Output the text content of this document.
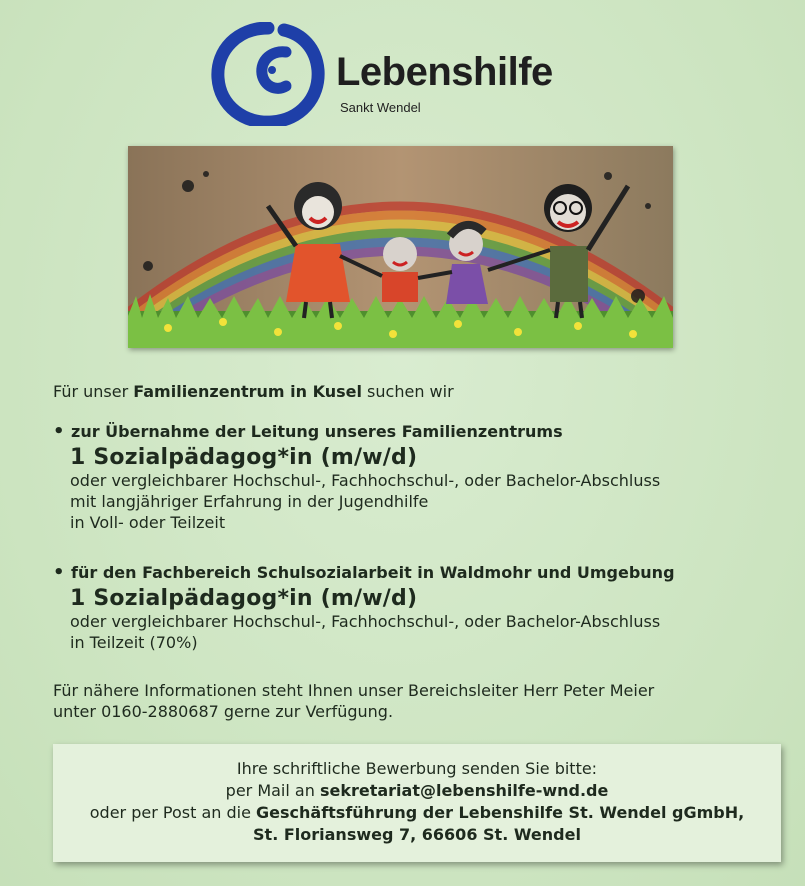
Lebenshilfe
Sankt Wendel
Für unser Familienzentrum in Kusel suchen wir
• zur Übernahme der Leitung unseres Familienzentrums
1 Sozialpädagog*in (m/w/d)
oder vergleichbarer Hochschul-, Fachhochschul-, oder Bachelor-Abschluss
mit langjähriger Erfahrung in der Jugendhilfe
in Voll- oder Teilzeit
• für den Fachbereich Schulsozialarbeit in Waldmohr und Umgebung
1 Sozialpädagog*in (m/w/d)
oder vergleichbarer Hochschul-, Fachhochschul-, oder Bachelor-Abschluss
in Teilzeit (70%)
Für nähere Informationen steht Ihnen unser Bereichsleiter Herr Peter Meier
unter 0160-2880687 gerne zur Verfügung.
Ihre schriftliche Bewerbung senden Sie bitte:
per Mail an sekretariat@lebenshilfe-wnd.de
oder per Post an die Geschäftsführung der Lebenshilfe St. Wendel gGmbH,
St. Floriansweg 7, 66606 St. Wendel
